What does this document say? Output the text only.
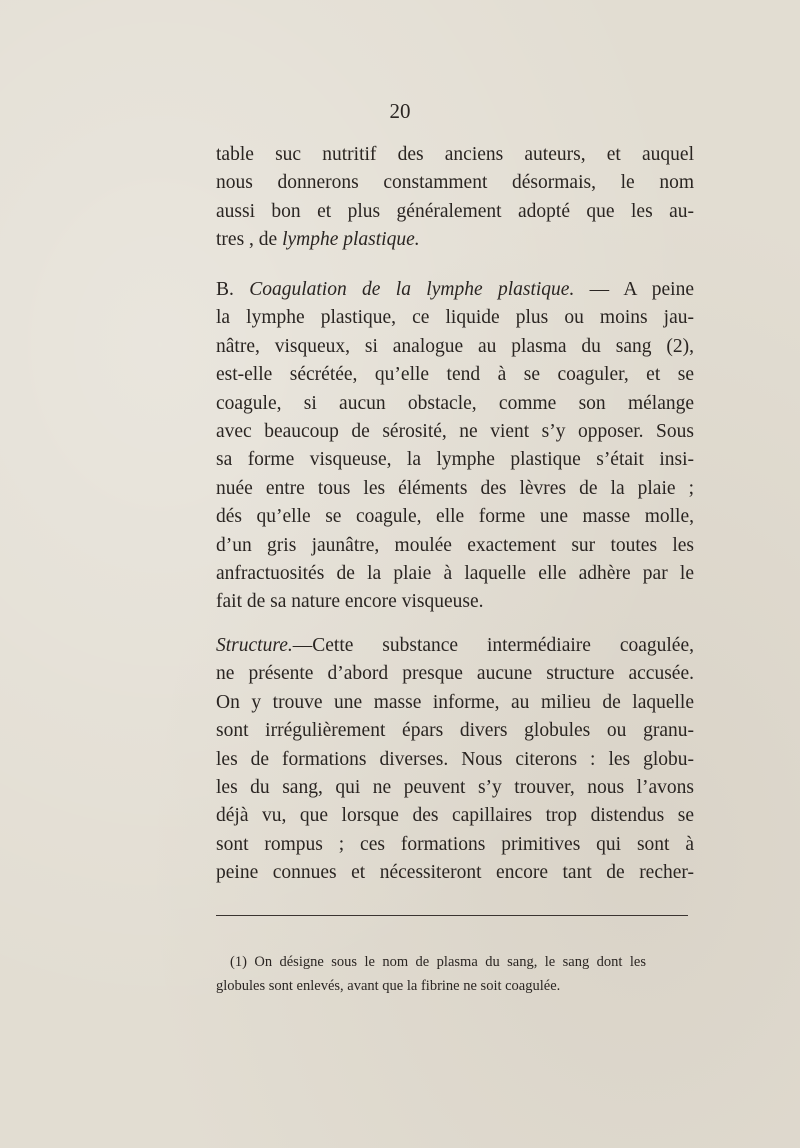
20
table suc nutritif des anciens auteurs, et auquel
nous donnerons constamment désormais, le nom
aussi bon et plus généralement adopté que les au-
tres , de lymphe plastique.
B. Coagulation de la lymphe plastique. — A peine
la lymphe plastique, ce liquide plus ou moins jau-
nâtre, visqueux, si analogue au plasma du sang (2),
est-elle sécrétée, qu’elle tend à se coaguler, et se
coagule, si aucun obstacle, comme son mélange
avec beaucoup de sérosité, ne vient s’y opposer. Sous
sa forme visqueuse, la lymphe plastique s’était insi-
nuée entre tous les éléments des lèvres de la plaie ;
dés qu’elle se coagule, elle forme une masse molle,
d’un gris jaunâtre, moulée exactement sur toutes les
anfractuosités de la plaie à laquelle elle adhère par le
fait de sa nature encore visqueuse.
Structure.—Cette substance intermédiaire coagulée,
ne présente d’abord presque aucune structure accusée.
On y trouve une masse informe, au milieu de laquelle
sont irrégulièrement épars divers globules ou granu-
les de formations diverses. Nous citerons : les globu-
les du sang, qui ne peuvent s’y trouver, nous l’avons
déjà vu, que lorsque des capillaires trop distendus se
sont rompus ; ces formations primitives qui sont à
peine connues et nécessiteront encore tant de recher-
(1) On désigne sous le nom de plasma du sang, le sang dont les
globules sont enlevés, avant que la fibrine ne soit coagulée.
